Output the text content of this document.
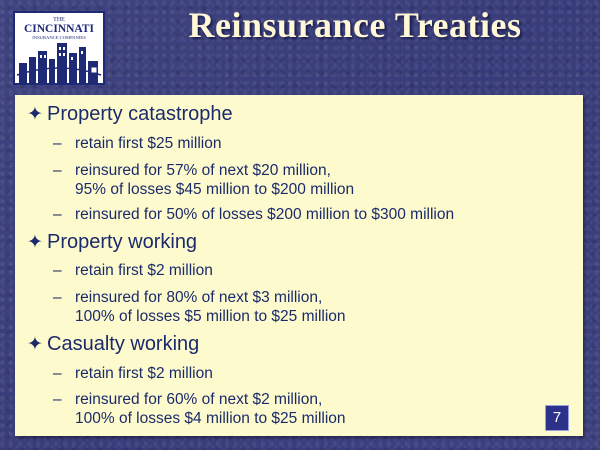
THE
CINCINNATI
INSURANCE COMPANIES	Reinsurance Treaties
✦ Property catastrophe
– retain first $25 million
– reinsured for 57% of next $20 million,
95% of losses $45 million to $200 million
– reinsured for 50% of losses $200 million to $300 million
✦ Property working
– retain first $2 million
– reinsured for 80% of next $3 million,
100% of losses $5 million to $25 million
✦ Casualty working
– retain first $2 million
– reinsured for 60% of next $2 million,
100% of losses $4 million to $25 million	7
